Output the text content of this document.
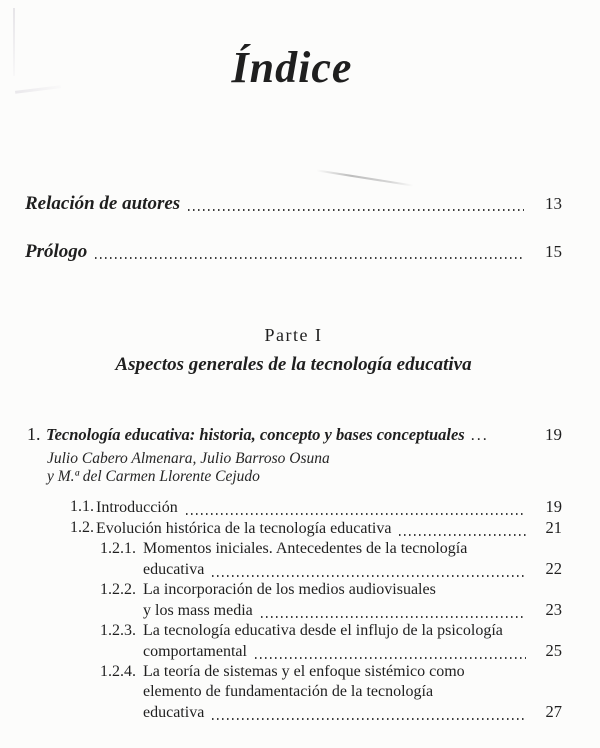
Índice
Relación de autores	13
Prólogo	15
Parte I
Aspectos generales de la tecnología educativa
1. Tecnología educativa: historia, concepto y bases conceptuales ...	19
Julio Cabero Almenara, Julio Barroso Osuna
y M.ª del Carmen Llorente Cejudo
1.1. Introducción	19
1.2. Evolución histórica de la tecnología educativa	21
1.2.1. Momentos iniciales. Antecedentes de la tecnología
educativa	22
1.2.2. La incorporación de los medios audiovisuales
y los mass media	23
1.2.3. La tecnología educativa desde el influjo de la psicología
comportamental	25
1.2.4. La teoría de sistemas y el enfoque sistémico como
elemento de fundamentación de la tecnología
educativa	27
